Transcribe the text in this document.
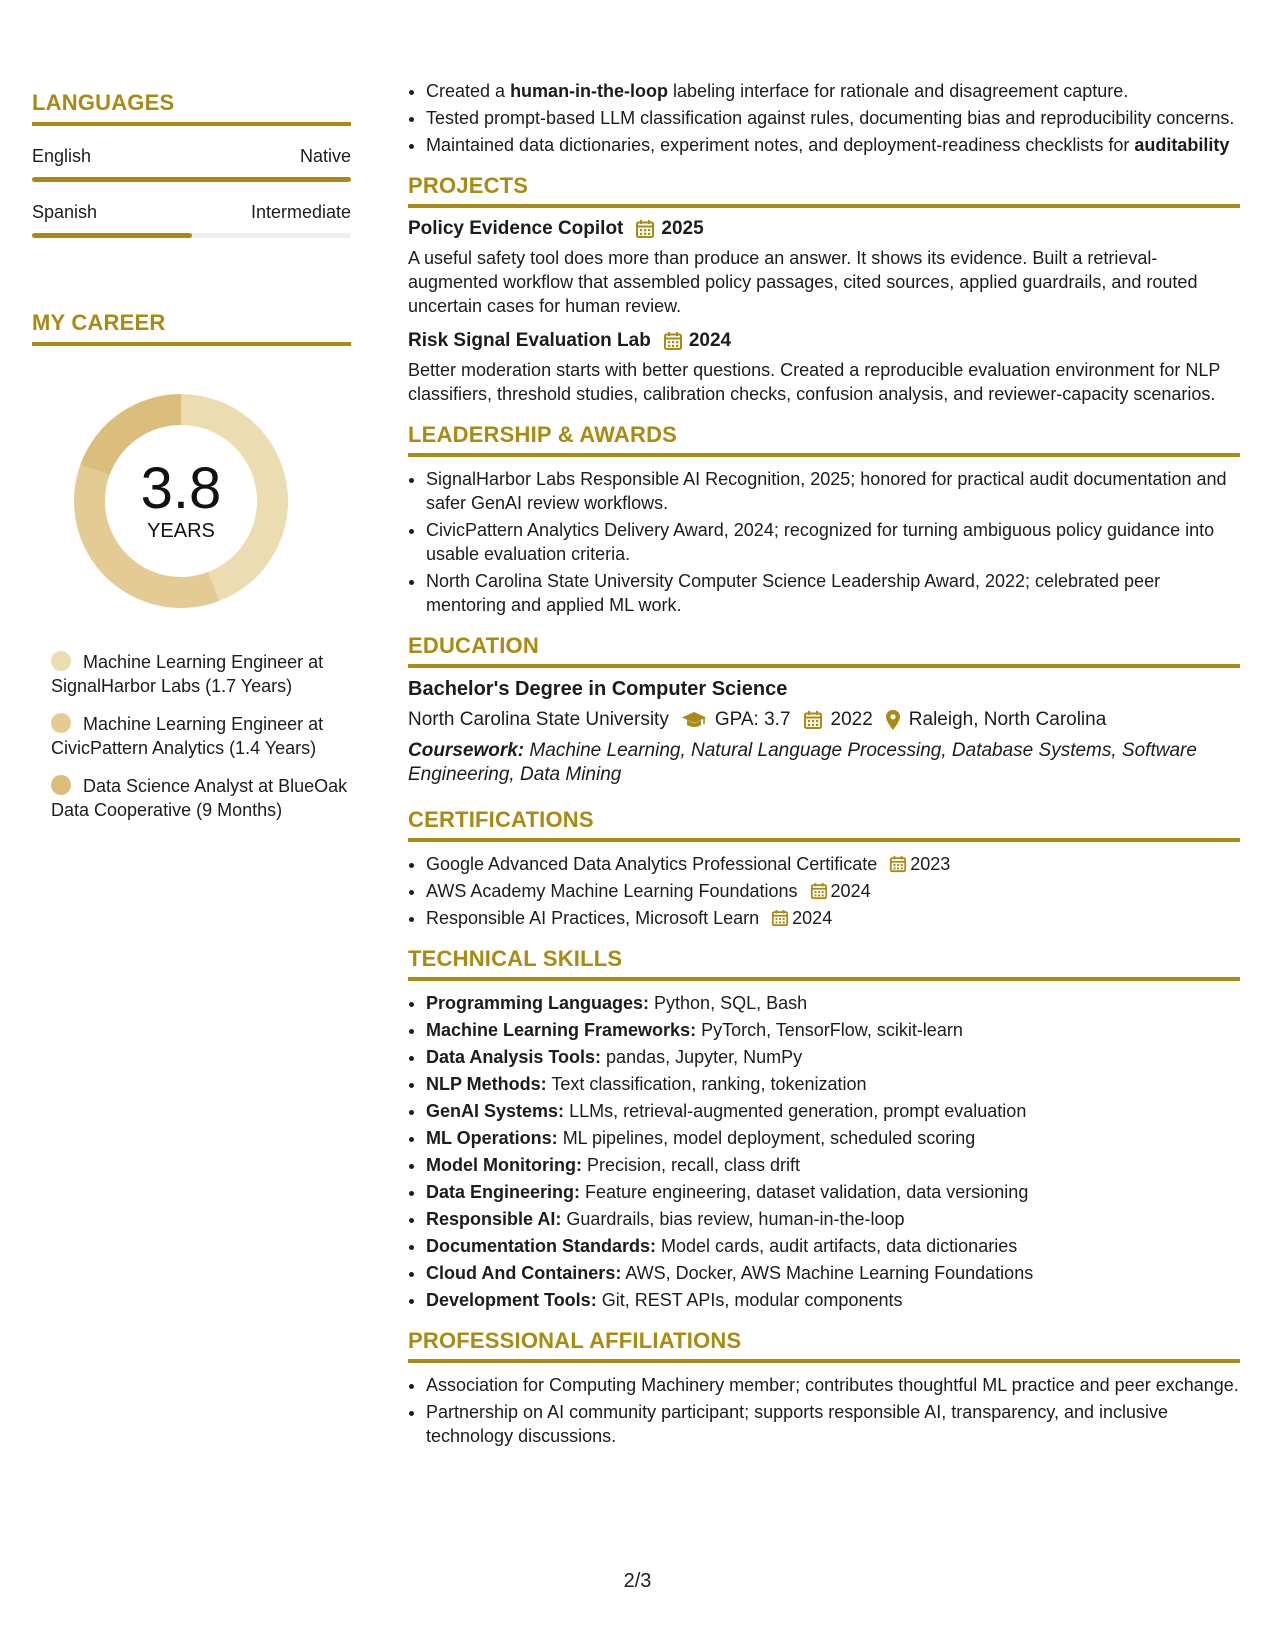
LANGUAGES
English	Native
Spanish	Intermediate
MY CAREER
3.8
YEARS
Machine Learning Engineer at SignalHarbor Labs (1.7 Years)
Machine Learning Engineer at CivicPattern Analytics (1.4 Years)
Data Science Analyst at BlueOak Data Cooperative (9 Months)
• Created a human-in-the-loop labeling interface for rationale and disagreement capture.
• Tested prompt-based LLM classification against rules, documenting bias and reproducibility concerns.
• Maintained data dictionaries, experiment notes, and deployment-readiness checklists for auditability
PROJECTS
Policy Evidence Copilot 2025
A useful safety tool does more than produce an answer. It shows its evidence. Built a retrieval-augmented workflow that assembled policy passages, cited sources, applied guardrails, and routed uncertain cases for human review.
Risk Signal Evaluation Lab 2024
Better moderation starts with better questions. Created a reproducible evaluation environment for NLP classifiers, threshold studies, calibration checks, confusion analysis, and reviewer-capacity scenarios.
LEADERSHIP & AWARDS
• SignalHarbor Labs Responsible AI Recognition, 2025; honored for practical audit documentation and safer GenAI review workflows.
• CivicPattern Analytics Delivery Award, 2024; recognized for turning ambiguous policy guidance into usable evaluation criteria.
• North Carolina State University Computer Science Leadership Award, 2022; celebrated peer mentoring and applied ML work.
EDUCATION
Bachelor's Degree in Computer Science
North Carolina State University GPA: 3.7 2022 Raleigh, North Carolina
Coursework: Machine Learning, Natural Language Processing, Database Systems, Software Engineering, Data Mining
CERTIFICATIONS
• Google Advanced Data Analytics Professional Certificate 2023
• AWS Academy Machine Learning Foundations 2024
• Responsible AI Practices, Microsoft Learn 2024
TECHNICAL SKILLS
• Programming Languages: Python, SQL, Bash
• Machine Learning Frameworks: PyTorch, TensorFlow, scikit-learn
• Data Analysis Tools: pandas, Jupyter, NumPy
• NLP Methods: Text classification, ranking, tokenization
• GenAI Systems: LLMs, retrieval-augmented generation, prompt evaluation
• ML Operations: ML pipelines, model deployment, scheduled scoring
• Model Monitoring: Precision, recall, class drift
• Data Engineering: Feature engineering, dataset validation, data versioning
• Responsible AI: Guardrails, bias review, human-in-the-loop
• Documentation Standards: Model cards, audit artifacts, data dictionaries
• Cloud And Containers: AWS, Docker, AWS Machine Learning Foundations
• Development Tools: Git, REST APIs, modular components
PROFESSIONAL AFFILIATIONS
• Association for Computing Machinery member; contributes thoughtful ML practice and peer exchange.
• Partnership on AI community participant; supports responsible AI, transparency, and inclusive technology discussions.
2/3
